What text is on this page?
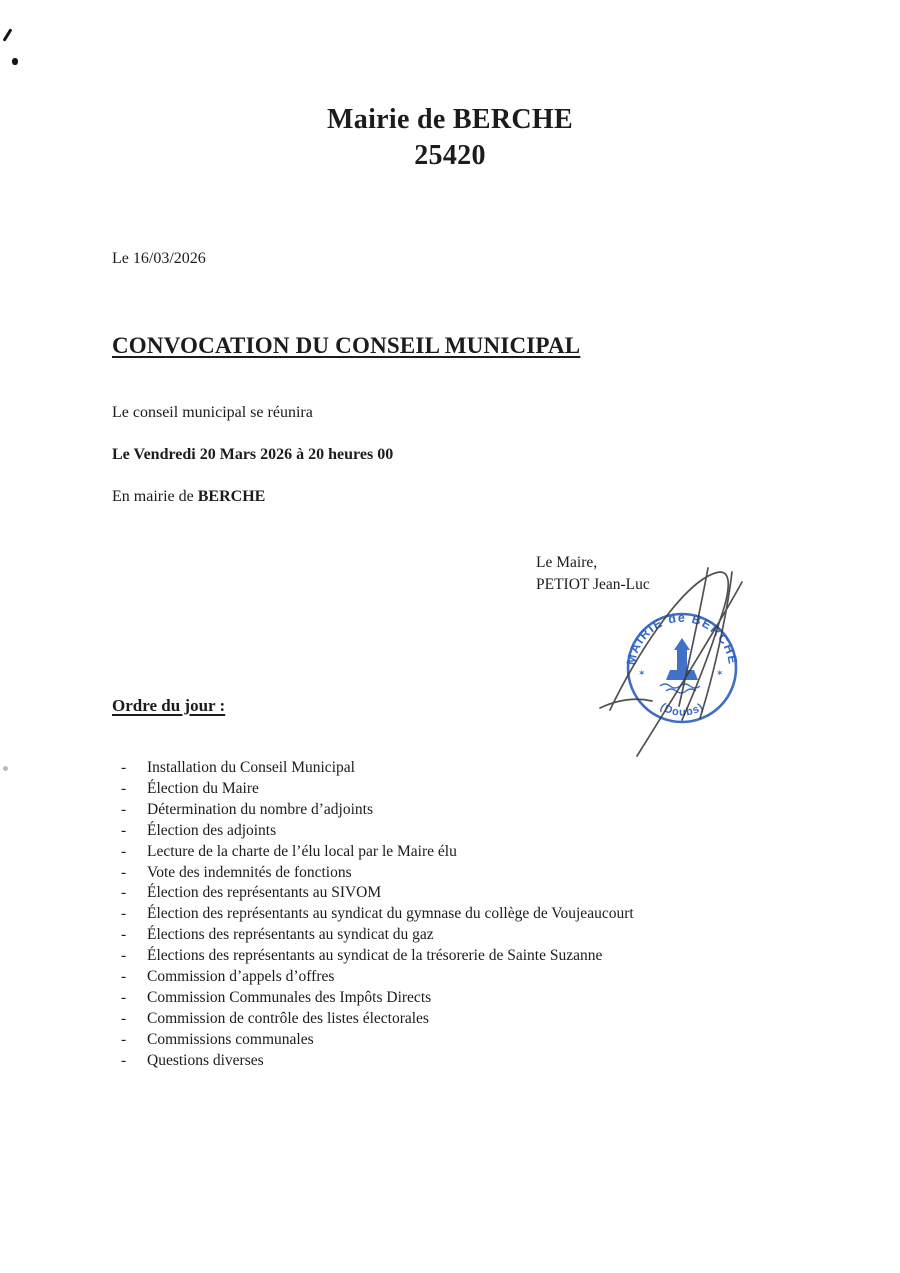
Mairie de BERCHE
25420

Le 16/03/2026

CONVOCATION DU CONSEIL MUNICIPAL

Le conseil municipal se réunira

Le Vendredi 20 Mars 2026 à 20 heures 00

En mairie de BERCHE

Le Maire,
PETIOT Jean-Luc
MAIRIE de BERCHE
(Doubs)
✶	✶
Ordre du jour :
-	Installation du Conseil Municipal
-	Élection du Maire
-	Détermination du nombre d’adjoints
-	Élection des adjoints
-	Lecture de la charte de l’élu local par le Maire élu
-	Vote des indemnités de fonctions
-	Élection des représentants au SIVOM
-	Élection des représentants au syndicat du gymnase du collège de Voujeaucourt
-	Élections des représentants au syndicat du gaz
-	Élections des représentants au syndicat de la trésorerie de Sainte Suzanne
-	Commission d’appels d’offres
-	Commission Communales des Impôts Directs
-	Commission de contrôle des listes électorales
-	Commissions communales
-	Questions diverses
